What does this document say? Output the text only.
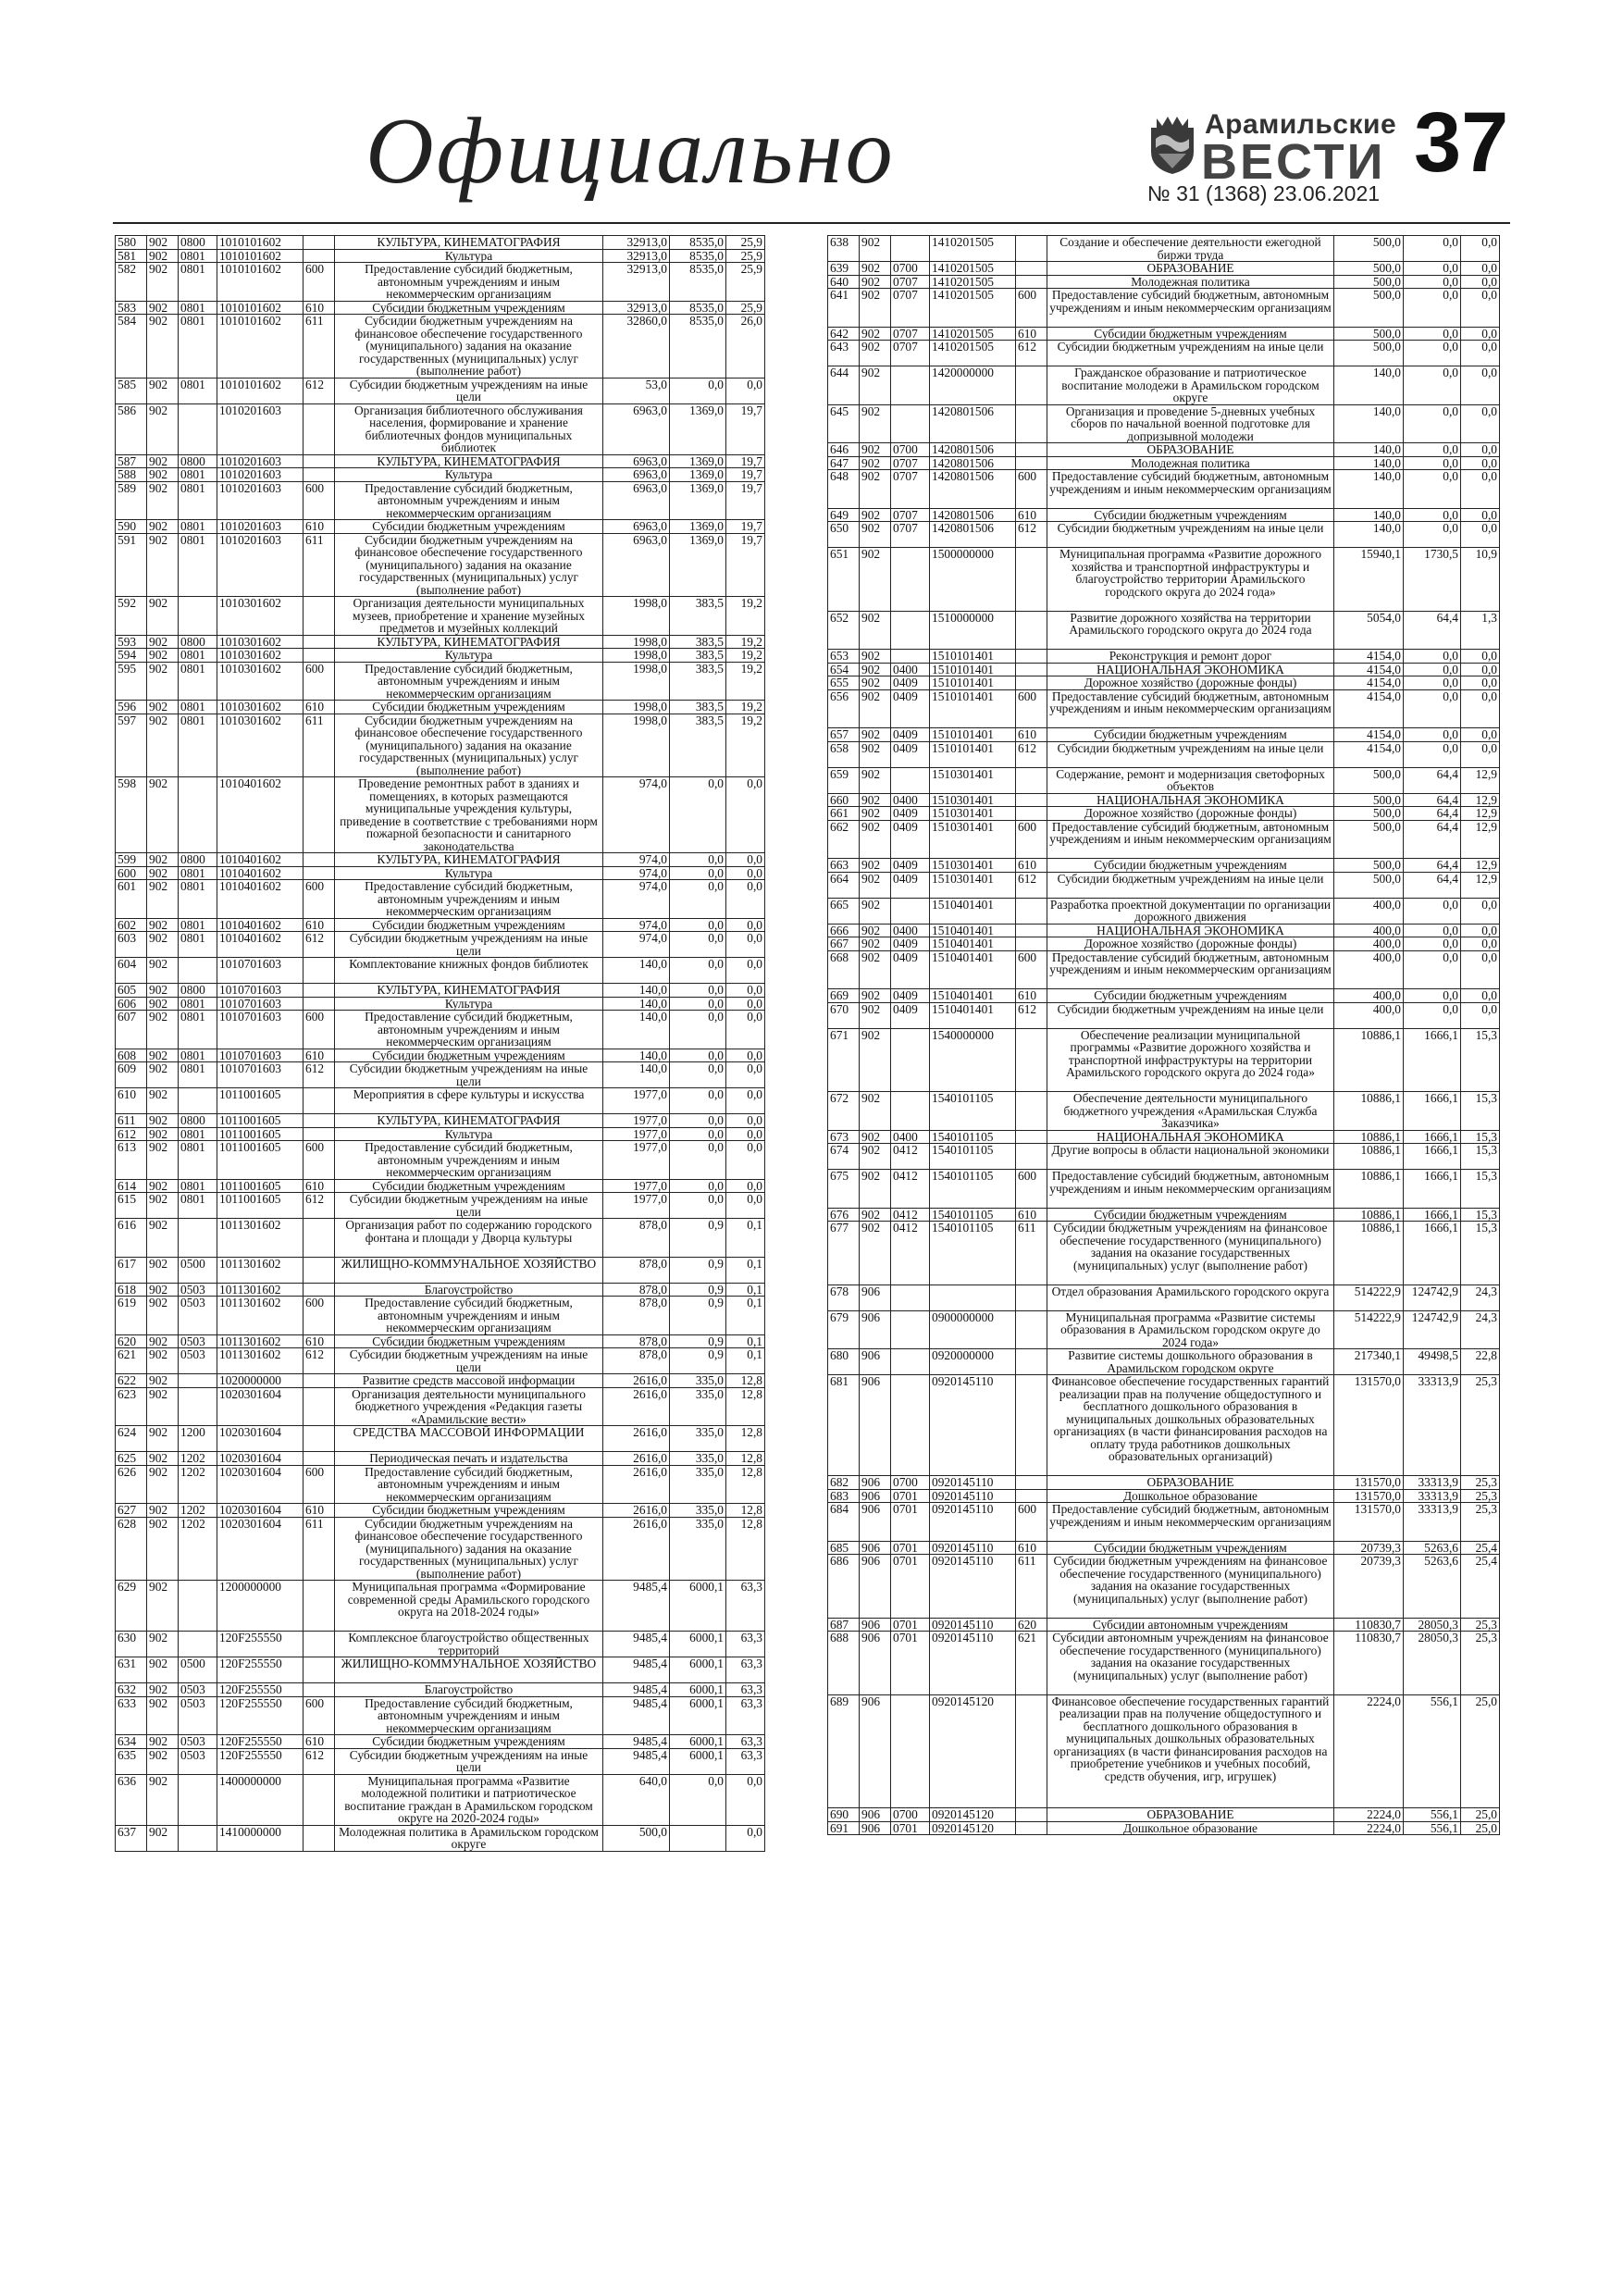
Официально	Арамильские
ВЕСТИ
№ 31 (1368) 23.06.2021
37
580	902	0800	1010101602		КУЛЬТУРА, КИНЕМАТОГРАФИЯ	32913,0	8535,0	25,9
581	902	0801	1010101602		Культура	32913,0	8535,0	25,9
582	902	0801	1010101602	600	Предоставление субсидий бюджетным, автономным учреждениям и иным некоммерческим организациям	32913,0	8535,0	25,9
583	902	0801	1010101602	610	Субсидии бюджетным учреждениям	32913,0	8535,0	25,9
584	902	0801	1010101602	611	Субсидии бюджетным учреждениям на финансовое обеспечение государственного (муниципального) задания на оказание государственных (муниципальных) услуг (выполнение работ)	32860,0	8535,0	26,0
585	902	0801	1010101602	612	Субсидии бюджетным учреждениям на иные цели	53,0	0,0	0,0
586	902		1010201603		Организация библиотечного обслуживания населения, формирование и хранение библиотечных фондов муниципальных библиотек	6963,0	1369,0	19,7
587	902	0800	1010201603		КУЛЬТУРА, КИНЕМАТОГРАФИЯ	6963,0	1369,0	19,7
588	902	0801	1010201603		Культура	6963,0	1369,0	19,7
589	902	0801	1010201603	600	Предоставление субсидий бюджетным, автономным учреждениям и иным некоммерческим организациям	6963,0	1369,0	19,7
590	902	0801	1010201603	610	Субсидии бюджетным учреждениям	6963,0	1369,0	19,7
591	902	0801	1010201603	611	Субсидии бюджетным учреждениям на финансовое обеспечение государственного (муниципального) задания на оказание государственных (муниципальных) услуг (выполнение работ)	6963,0	1369,0	19,7
592	902		1010301602		Организация деятельности муниципальных музеев, приобретение и хранение музейных предметов и музейных коллекций	1998,0	383,5	19,2
593	902	0800	1010301602		КУЛЬТУРА, КИНЕМАТОГРАФИЯ	1998,0	383,5	19,2
594	902	0801	1010301602		Культура	1998,0	383,5	19,2
595	902	0801	1010301602	600	Предоставление субсидий бюджетным, автономным учреждениям и иным некоммерческим организациям	1998,0	383,5	19,2
596	902	0801	1010301602	610	Субсидии бюджетным учреждениям	1998,0	383,5	19,2
597	902	0801	1010301602	611	Субсидии бюджетным учреждениям на финансовое обеспечение государственного (муниципального) задания на оказание государственных (муниципальных) услуг (выполнение работ)	1998,0	383,5	19,2
598	902		1010401602		Проведение ремонтных работ в зданиях и помещениях, в которых размещаются муниципальные учреждения культуры, приведение в соответствие с требованиями норм пожарной безопасности и санитарного законодательства	974,0	0,0	0,0
599	902	0800	1010401602		КУЛЬТУРА, КИНЕМАТОГРАФИЯ	974,0	0,0	0,0
600	902	0801	1010401602		Культура	974,0	0,0	0,0
601	902	0801	1010401602	600	Предоставление субсидий бюджетным, автономным учреждениям и иным некоммерческим организациям	974,0	0,0	0,0
602	902	0801	1010401602	610	Субсидии бюджетным учреждениям	974,0	0,0	0,0
603	902	0801	1010401602	612	Субсидии бюджетным учреждениям на иные цели	974,0	0,0	0,0
604	902		1010701603		Комплектование книжных фондов библиотек	140,0	0,0	0,0
605	902	0800	1010701603		КУЛЬТУРА, КИНЕМАТОГРАФИЯ	140,0	0,0	0,0
606	902	0801	1010701603		Культура	140,0	0,0	0,0
607	902	0801	1010701603	600	Предоставление субсидий бюджетным, автономным учреждениям и иным некоммерческим организациям	140,0	0,0	0,0
608	902	0801	1010701603	610	Субсидии бюджетным учреждениям	140,0	0,0	0,0
609	902	0801	1010701603	612	Субсидии бюджетным учреждениям на иные цели	140,0	0,0	0,0
610	902		1011001605		Мероприятия в сфере культуры и искусства	1977,0	0,0	0,0
611	902	0800	1011001605		КУЛЬТУРА, КИНЕМАТОГРАФИЯ	1977,0	0,0	0,0
612	902	0801	1011001605		Культура	1977,0	0,0	0,0
613	902	0801	1011001605	600	Предоставление субсидий бюджетным, автономным учреждениям и иным некоммерческим организациям	1977,0	0,0	0,0
614	902	0801	1011001605	610	Субсидии бюджетным учреждениям	1977,0	0,0	0,0
615	902	0801	1011001605	612	Субсидии бюджетным учреждениям на иные цели	1977,0	0,0	0,0
616	902		1011301602		Организация работ по содержанию городского фонтана и площади у Дворца культуры	878,0	0,9	0,1
617	902	0500	1011301602		ЖИЛИЩНО-КОММУНАЛЬНОЕ ХОЗЯЙСТВО	878,0	0,9	0,1
618	902	0503	1011301602		Благоустройство	878,0	0,9	0,1
619	902	0503	1011301602	600	Предоставление субсидий бюджетным, автономным учреждениям и иным некоммерческим организациям	878,0	0,9	0,1
620	902	0503	1011301602	610	Субсидии бюджетным учреждениям	878,0	0,9	0,1
621	902	0503	1011301602	612	Субсидии бюджетным учреждениям на иные цели	878,0	0,9	0,1
622	902		1020000000		Развитие средств массовой информации	2616,0	335,0	12,8
623	902		1020301604		Организация деятельности муниципального бюджетного учреждения «Редакция газеты «Арамильские вести»	2616,0	335,0	12,8
624	902	1200	1020301604		СРЕДСТВА МАССОВОЙ ИНФОРМАЦИИ	2616,0	335,0	12,8
625	902	1202	1020301604		Периодическая печать и издательства	2616,0	335,0	12,8
626	902	1202	1020301604	600	Предоставление субсидий бюджетным, автономным учреждениям и иным некоммерческим организациям	2616,0	335,0	12,8
627	902	1202	1020301604	610	Субсидии бюджетным учреждениям	2616,0	335,0	12,8
628	902	1202	1020301604	611	Субсидии бюджетным учреждениям на финансовое обеспечение государственного (муниципального) задания на оказание государственных (муниципальных) услуг (выполнение работ)	2616,0	335,0	12,8
629	902		1200000000		Муниципальная программа «Формирование современной среды Арамильского городского округа на 2018-2024 годы»	9485,4	6000,1	63,3
630	902		120F255550		Комплексное благоустройство общественных территорий	9485,4	6000,1	63,3
631	902	0500	120F255550		ЖИЛИЩНО-КОММУНАЛЬНОЕ ХОЗЯЙСТВО	9485,4	6000,1	63,3
632	902	0503	120F255550		Благоустройство	9485,4	6000,1	63,3
633	902	0503	120F255550	600	Предоставление субсидий бюджетным, автономным учреждениям и иным некоммерческим организациям	9485,4	6000,1	63,3
634	902	0503	120F255550	610	Субсидии бюджетным учреждениям	9485,4	6000,1	63,3
635	902	0503	120F255550	612	Субсидии бюджетным учреждениям на иные цели	9485,4	6000,1	63,3
636	902		1400000000		Муниципальная программа «Развитие молодежной политики и патриотическое воспитание граждан в Арамильском городском округе на 2020-2024 годы»	640,0	0,0	0,0
637	902		1410000000		Молодежная политика в Арамильском городском округе	500,0		0,0
638	902		1410201505		Создание и обеспечение деятельности ежегодной биржи труда	500,0	0,0	0,0
639	902	0700	1410201505		ОБРАЗОВАНИЕ	500,0	0,0	0,0
640	902	0707	1410201505		Молодежная политика	500,0	0,0	0,0
641	902	0707	1410201505	600	Предоставление субсидий бюджетным, автономным учреждениям и иным некоммерческим организациям	500,0	0,0	0,0
642	902	0707	1410201505	610	Субсидии бюджетным учреждениям	500,0	0,0	0,0
643	902	0707	1410201505	612	Субсидии бюджетным учреждениям на иные цели	500,0	0,0	0,0
644	902		1420000000		Гражданское образование и патриотическое воспитание молодежи в Арамильском городском округе	140,0	0,0	0,0
645	902		1420801506		Организация и проведение 5-дневных учебных сборов по начальной военной подготовке для допризывной молодежи	140,0	0,0	0,0
646	902	0700	1420801506		ОБРАЗОВАНИЕ	140,0	0,0	0,0
647	902	0707	1420801506		Молодежная политика	140,0	0,0	0,0
648	902	0707	1420801506	600	Предоставление субсидий бюджетным, автономным учреждениям и иным некоммерческим организациям	140,0	0,0	0,0
649	902	0707	1420801506	610	Субсидии бюджетным учреждениям	140,0	0,0	0,0
650	902	0707	1420801506	612	Субсидии бюджетным учреждениям на иные цели	140,0	0,0	0,0
651	902		1500000000		Муниципальная программа «Развитие дорожного хозяйства и транспортной инфраструктуры и благоустройство территории Арамильского городского округа до 2024 года»	15940,1	1730,5	10,9
652	902		1510000000		Развитие дорожного хозяйства на территории Арамильского городского округа до 2024 года	5054,0	64,4	1,3
653	902		1510101401		Реконструкция и ремонт дорог	4154,0	0,0	0,0
654	902	0400	1510101401		НАЦИОНАЛЬНАЯ ЭКОНОМИКА	4154,0	0,0	0,0
655	902	0409	1510101401		Дорожное хозяйство (дорожные фонды)	4154,0	0,0	0,0
656	902	0409	1510101401	600	Предоставление субсидий бюджетным, автономным учреждениям и иным некоммерческим организациям	4154,0	0,0	0,0
657	902	0409	1510101401	610	Субсидии бюджетным учреждениям	4154,0	0,0	0,0
658	902	0409	1510101401	612	Субсидии бюджетным учреждениям на иные цели	4154,0	0,0	0,0
659	902		1510301401		Содержание, ремонт и модернизация светофорных объектов	500,0	64,4	12,9
660	902	0400	1510301401		НАЦИОНАЛЬНАЯ ЭКОНОМИКА	500,0	64,4	12,9
661	902	0409	1510301401		Дорожное хозяйство (дорожные фонды)	500,0	64,4	12,9
662	902	0409	1510301401	600	Предоставление субсидий бюджетным, автономным учреждениям и иным некоммерческим организациям	500,0	64,4	12,9
663	902	0409	1510301401	610	Субсидии бюджетным учреждениям	500,0	64,4	12,9
664	902	0409	1510301401	612	Субсидии бюджетным учреждениям на иные цели	500,0	64,4	12,9
665	902		1510401401		Разработка проектной документации по организации дорожного движения	400,0	0,0	0,0
666	902	0400	1510401401		НАЦИОНАЛЬНАЯ ЭКОНОМИКА	400,0	0,0	0,0
667	902	0409	1510401401		Дорожное хозяйство (дорожные фонды)	400,0	0,0	0,0
668	902	0409	1510401401	600	Предоставление субсидий бюджетным, автономным учреждениям и иным некоммерческим организациям	400,0	0,0	0,0
669	902	0409	1510401401	610	Субсидии бюджетным учреждениям	400,0	0,0	0,0
670	902	0409	1510401401	612	Субсидии бюджетным учреждениям на иные цели	400,0	0,0	0,0
671	902		1540000000		Обеспечение реализации муниципальной программы «Развитие дорожного хозяйства и транспортной инфраструктуры на территории Арамильского городского округа до 2024 года»	10886,1	1666,1	15,3
672	902		1540101105		Обеспечение деятельности муниципального бюджетного учреждения «Арамильская Служба Заказчика»	10886,1	1666,1	15,3
673	902	0400	1540101105		НАЦИОНАЛЬНАЯ ЭКОНОМИКА	10886,1	1666,1	15,3
674	902	0412	1540101105		Другие вопросы в области национальной экономики	10886,1	1666,1	15,3
675	902	0412	1540101105	600	Предоставление субсидий бюджетным, автономным учреждениям и иным некоммерческим организациям	10886,1	1666,1	15,3
676	902	0412	1540101105	610	Субсидии бюджетным учреждениям	10886,1	1666,1	15,3
677	902	0412	1540101105	611	Субсидии бюджетным учреждениям на финансовое обеспечение государственного (муниципального) задания на оказание государственных (муниципальных) услуг (выполнение работ)	10886,1	1666,1	15,3
678	906				Отдел образования Арамильского городского округа	514222,9	124742,9	24,3
679	906		0900000000		Муниципальная программа «Развитие системы образования в Арамильском городском округе до 2024 года»	514222,9	124742,9	24,3
680	906		0920000000		Развитие системы дошкольного образования в Арамильском городском округе	217340,1	49498,5	22,8
681	906		0920145110		Финансовое обеспечение государственных гарантий реализации прав на получение общедоступного и бесплатного дошкольного образования в муниципальных дошкольных образовательных организациях (в части финансирования расходов на оплату труда работников дошкольных образовательных организаций)	131570,0	33313,9	25,3
682	906	0700	0920145110		ОБРАЗОВАНИЕ	131570,0	33313,9	25,3
683	906	0701	0920145110		Дошкольное образование	131570,0	33313,9	25,3
684	906	0701	0920145110	600	Предоставление субсидий бюджетным, автономным учреждениям и иным некоммерческим организациям	131570,0	33313,9	25,3
685	906	0701	0920145110	610	Субсидии бюджетным учреждениям	20739,3	5263,6	25,4
686	906	0701	0920145110	611	Субсидии бюджетным учреждениям на финансовое обеспечение государственного (муниципального) задания на оказание государственных (муниципальных) услуг (выполнение работ)	20739,3	5263,6	25,4
687	906	0701	0920145110	620	Субсидии автономным учреждениям	110830,7	28050,3	25,3
688	906	0701	0920145110	621	Субсидии автономным учреждениям на финансовое обеспечение государственного (муниципального) задания на оказание государственных (муниципальных) услуг (выполнение работ)	110830,7	28050,3	25,3
689	906		0920145120		Финансовое обеспечение государственных гарантий реализации прав на получение общедоступного и бесплатного дошкольного образования в муниципальных дошкольных образовательных организациях (в части финансирования расходов на приобретение учебников и учебных пособий, средств обучения, игр, игрушек)	2224,0	556,1	25,0
690	906	0700	0920145120		ОБРАЗОВАНИЕ	2224,0	556,1	25,0
691	906	0701	0920145120		Дошкольное образование	2224,0	556,1	25,0
